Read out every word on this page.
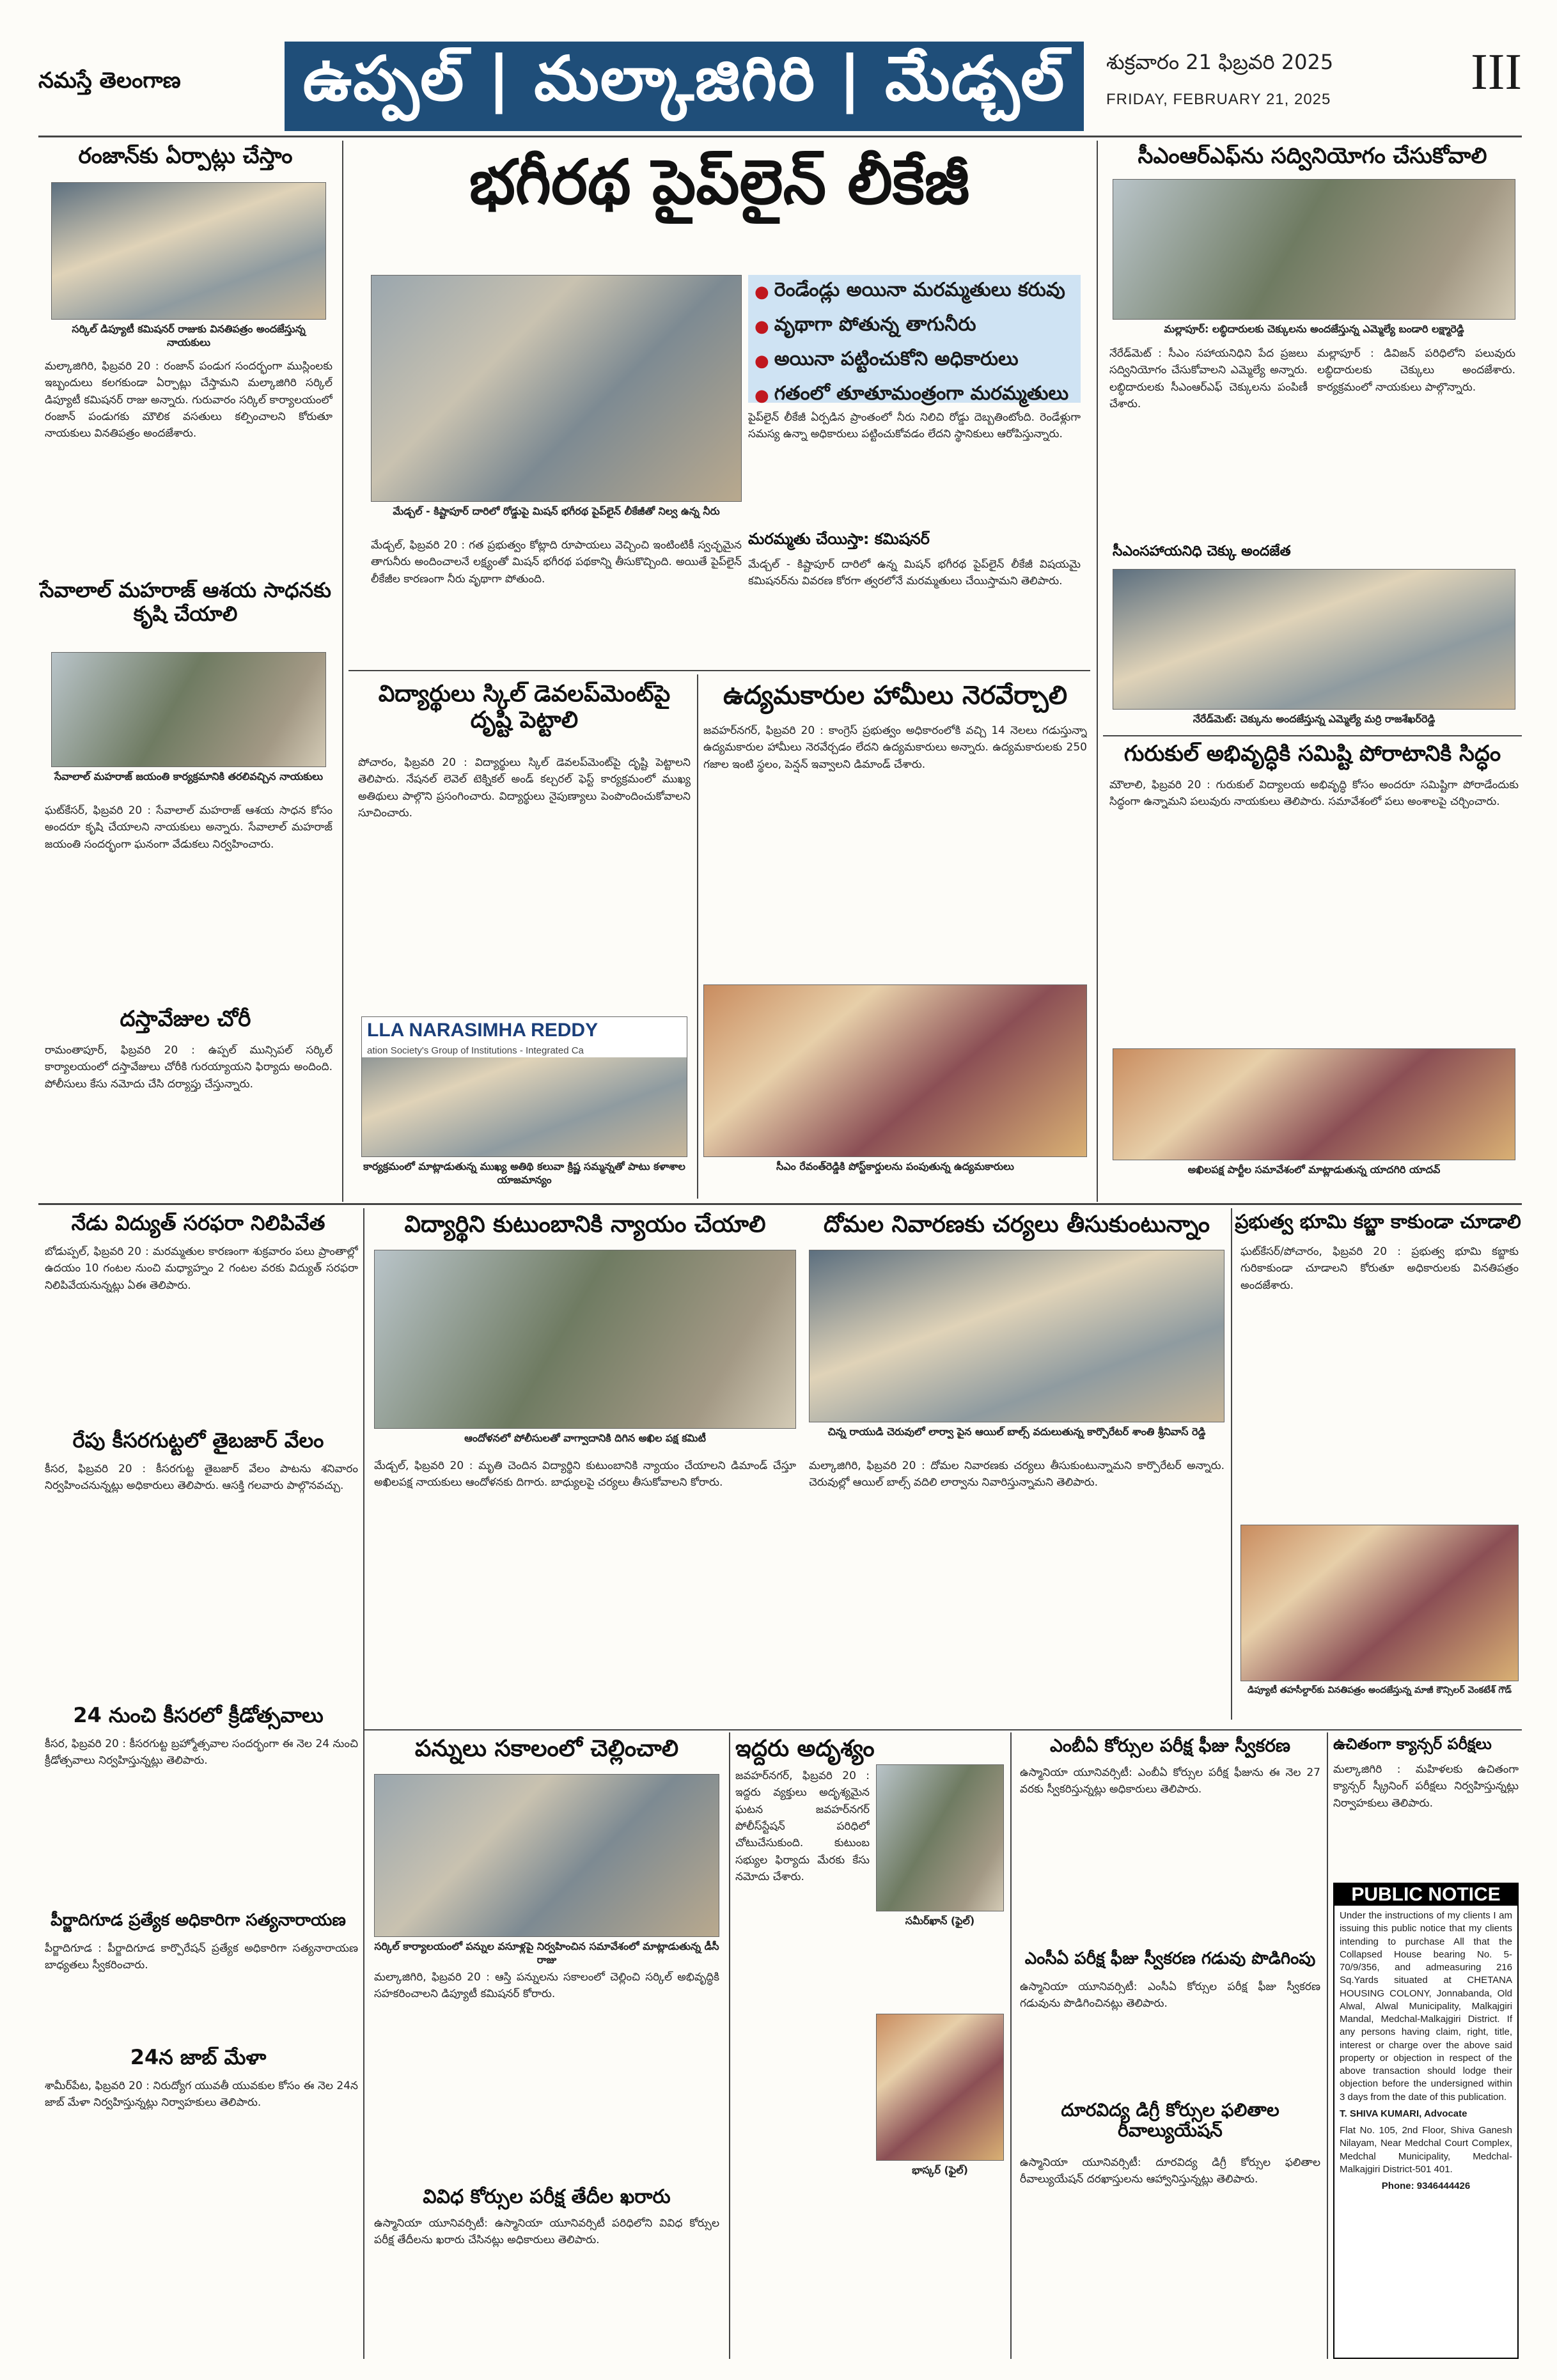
నమస్తే తెలంగాణ	ఉప్పల్ | మల్కాజిగిరి | మేడ్చల్	శుక్రవారం 21 ఫిబ్రవరి 2025
FRIDAY, FEBRUARY 21, 2025	III
రంజాన్‌కు ఏర్పాట్లు చేస్తాం
సర్కిల్ డిప్యూటీ కమిషనర్ రాజుకు వినతిపత్రం అందజేస్తున్న నాయకులు
మల్కాజిగిరి, ఫిబ్రవరి 20 : రంజాన్ పండుగ సందర్భంగా ముస్లింలకు ఇబ్బందులు కలగకుండా ఏర్పాట్లు చేస్తామని మల్కాజిగిరి సర్కిల్ డిప్యూటీ కమిషనర్ రాజు అన్నారు. గురువారం సర్కిల్ కార్యాలయంలో రంజాన్ పండుగకు మౌలిక వసతులు కల్పించాలని కోరుతూ నాయకులు వినతిపత్రం అందజేశారు.
సేవాలాల్ మహరాజ్ ఆశయ సాధనకు కృషి చేయాలి
సేవాలాల్ మహరాజ్ జయంతి కార్యక్రమానికి తరలివచ్చిన నాయకులు
ఘట్‌కేసర్, ఫిబ్రవరి 20 : సేవాలాల్ మహరాజ్ ఆశయ సాధన కోసం అందరూ కృషి చేయాలని నాయకులు అన్నారు. సేవాలాల్ మహరాజ్ జయంతి సందర్భంగా ఘనంగా వేడుకలు నిర్వహించారు.
దస్తావేజుల చోరీ
రామంతాపూర్, ఫిబ్రవరి 20 : ఉప్పల్ మున్సిపల్ సర్కిల్ కార్యాలయంలో దస్తావేజులు చోరీకి గురయ్యాయని ఫిర్యాదు అందింది. పోలీసులు కేసు నమోదు చేసి దర్యాప్తు చేస్తున్నారు.
భగీరథ పైప్‌లైన్ లీకేజీ
మేడ్చల్ - కిష్టాపూర్ దారిలో రోడ్డుపై మిషన్ భగీరథ పైప్‌లైన్ లీకేజీతో నిల్వ ఉన్న నీరు
● రెండేండ్లు అయినా మరమ్మతులు కరువు
● వృథాగా పోతున్న తాగునీరు
● అయినా పట్టించుకోని అధికారులు
● గతంలో తూతూమంత్రంగా మరమ్మతులు
పైప్‌లైన్ లీకేజీ ఏర్పడిన ప్రాంతంలో నీరు నిలిచి రోడ్డు దెబ్బతింటోంది. రెండేళ్లుగా సమస్య ఉన్నా అధికారులు పట్టించుకోవడం లేదని స్థానికులు ఆరోపిస్తున్నారు.
మేడ్చల్, ఫిబ్రవరి 20 : గత ప్రభుత్వం కోట్లాది రూపాయలు వెచ్చించి ఇంటింటికీ స్వచ్ఛమైన తాగునీరు అందించాలనే లక్ష్యంతో మిషన్ భగీరథ పథకాన్ని తీసుకొచ్చింది. అయితే పైప్‌లైన్ లీకేజీల కారణంగా నీరు వృథాగా పోతుంది.
మరమ్మతు చేయిస్తా: కమిషనర్
మేడ్చల్ - కిష్టాపూర్ దారిలో ఉన్న మిషన్ భగీరథ పైప్‌లైన్ లీకేజీ విషయమై కమిషనర్‌ను వివరణ కోరగా త్వరలోనే మరమ్మతులు చేయిస్తామని తెలిపారు.
విద్యార్థులు స్కిల్ డెవలప్‌మెంట్‌పై దృష్టి పెట్టాలి
పోచారం, ఫిబ్రవరి 20 : విద్యార్థులు స్కిల్ డెవలప్‌మెంట్‌పై దృష్టి పెట్టాలని తెలిపారు. నేషనల్ లెవెల్ టెక్నికల్ అండ్ కల్చరల్ ఫెస్ట్ కార్యక్రమంలో ముఖ్య అతిథులు పాల్గొని ప్రసంగించారు. విద్యార్థులు నైపుణ్యాలు పెంపొందించుకోవాలని సూచించారు.
LLA NARASIMHA REDDY
ation Society's Group of Institutions - Integrated Ca
కార్యక్రమంలో మాట్లాడుతున్న ముఖ్య అతిథి కలువా క్రిష్ణ సమ్మన్నతో పాటు కళాశాల యాజమాన్యం
ఉద్యమకారుల హామీలు నెరవేర్చాలి
జవహర్‌నగర్, ఫిబ్రవరి 20 : కాంగ్రెస్ ప్రభుత్వం అధికారంలోకి వచ్చి 14 నెలలు గడుస్తున్నా ఉద్యమకారుల హామీలు నెరవేర్చడం లేదని ఉద్యమకారులు అన్నారు. ఉద్యమకారులకు 250 గజాల ఇంటి స్థలం, పెన్షన్ ఇవ్వాలని డిమాండ్ చేశారు.
సీఎం రేవంత్‌రెడ్డికి పోస్ట్‌కార్డులను పంపుతున్న ఉద్యమకారులు
సీఎంఆర్‌ఎఫ్‌ను సద్వినియోగం చేసుకోవాలి
మల్లాపూర్: లబ్ధిదారులకు చెక్కులను అందజేస్తున్న ఎమ్మెల్యే బండారి లక్ష్మారెడ్డి
నేరేడ్‌మెట్ : సీఎం సహాయనిధిని పేద ప్రజలు సద్వినియోగం చేసుకోవాలని ఎమ్మెల్యే అన్నారు. లబ్ధిదారులకు సీఎంఆర్‌ఎఫ్ చెక్కులను పంపిణీ చేశారు.
మల్లాపూర్ : డివిజన్ పరిధిలోని పలువురు లబ్ధిదారులకు చెక్కులు అందజేశారు. కార్యక్రమంలో నాయకులు పాల్గొన్నారు.
సీఎంసహాయనిధి చెక్కు అందజేత
నేరేడ్‌మెట్: చెక్కును అందజేస్తున్న ఎమ్మెల్యే మర్రి రాజశేఖర్‌రెడ్డి
గురుకుల్ అభివృద్ధికి సమిష్టి పోరాటానికి సిద్ధం
మౌలాలి, ఫిబ్రవరి 20 : గురుకుల్ విద్యాలయ అభివృద్ధి కోసం అందరూ సమిష్టిగా పోరాడేందుకు సిద్ధంగా ఉన్నామని పలువురు నాయకులు తెలిపారు. సమావేశంలో పలు అంశాలపై చర్చించారు.
అఖిలపక్ష పార్టీల సమావేశంలో మాట్లాడుతున్న యాదగిరి యాదవ్
నేడు విద్యుత్ సరఫరా నిలిపివేత
బోడుప్పల్, ఫిబ్రవరి 20 : మరమ్మతుల కారణంగా శుక్రవారం పలు ప్రాంతాల్లో ఉదయం 10 గంటల నుంచి మధ్యాహ్నం 2 గంటల వరకు విద్యుత్ సరఫరా నిలిపివేయనున్నట్లు ఏఈ తెలిపారు.
రేపు కీసరగుట్టలో తైబజార్ వేలం
కీసర, ఫిబ్రవరి 20 : కీసరగుట్ట తైబజార్ వేలం పాటను శనివారం నిర్వహించనున్నట్లు అధికారులు తెలిపారు. ఆసక్తి గలవారు పాల్గొనవచ్చు.
24 నుంచి కీసరలో క్రీడోత్సవాలు
కీసర, ఫిబ్రవరి 20 : కీసరగుట్ట బ్రహ్మోత్సవాల సందర్భంగా ఈ నెల 24 నుంచి క్రీడోత్సవాలు నిర్వహిస్తున్నట్లు తెలిపారు.
పీర్జాదిగూడ ప్రత్యేక అధికారిగా సత్యనారాయణ
పీర్జాదిగూడ : పీర్జాదిగూడ కార్పొరేషన్ ప్రత్యేక అధికారిగా సత్యనారాయణ బాధ్యతలు స్వీకరించారు.
24న జాబ్ మేళా
శామీర్‌పేట, ఫిబ్రవరి 20 : నిరుద్యోగ యువతీ యువకుల కోసం ఈ నెల 24న జాబ్ మేళా నిర్వహిస్తున్నట్లు నిర్వాహకులు తెలిపారు.
విద్యార్థిని కుటుంబానికి న్యాయం చేయాలి
ఆందోళనలో పోలీసులతో వాగ్వాదానికి దిగిన అఖిల పక్ష కమిటీ
మేడ్చల్, ఫిబ్రవరి 20 : మృతి చెందిన విద్యార్థిని కుటుంబానికి న్యాయం చేయాలని డిమాండ్ చేస్తూ అఖిలపక్ష నాయకులు ఆందోళనకు దిగారు. బాధ్యులపై చర్యలు తీసుకోవాలని కోరారు.
దోమల నివారణకు చర్యలు తీసుకుంటున్నాం
చిన్న రాయుడి చెరువులో లార్వా పైన ఆయిల్ బాల్స్ వదులుతున్న కార్పొరేటర్ శాంతి శ్రీనివాస్ రెడ్డి
మల్కాజిగిరి, ఫిబ్రవరి 20 : దోమల నివారణకు చర్యలు తీసుకుంటున్నామని కార్పొరేటర్ అన్నారు. చెరువుల్లో ఆయిల్ బాల్స్ వదిలి లార్వాను నివారిస్తున్నామని తెలిపారు.
ప్రభుత్వ భూమి కబ్జా కాకుండా చూడాలి
ఘట్‌కేసర్/పోచారం, ఫిబ్రవరి 20 : ప్రభుత్వ భూమి కబ్జాకు గురికాకుండా చూడాలని కోరుతూ అధికారులకు వినతిపత్రం అందజేశారు.
డిప్యూటీ తహసీల్దార్‌కు వినతిపత్రం అందజేస్తున్న మాజీ కౌన్సిలర్ వెంకటేశ్ గౌడ్
పన్నులు సకాలంలో చెల్లించాలి
సర్కిల్ కార్యాలయంలో పన్నుల వసూళ్లపై నిర్వహించిన సమావేశంలో మాట్లాడుతున్న డీసీ రాజు
మల్కాజిగిరి, ఫిబ్రవరి 20 : ఆస్తి పన్నులను సకాలంలో చెల్లించి సర్కిల్ అభివృద్ధికి సహకరించాలని డిప్యూటీ కమిషనర్ కోరారు.
వివిధ కోర్సుల పరీక్ష తేదీల ఖరారు
ఉస్మానియా యూనివర్సిటీ: ఉస్మానియా యూనివర్సిటీ పరిధిలోని వివిధ కోర్సుల పరీక్ష తేదీలను ఖరారు చేసినట్లు అధికారులు తెలిపారు.
ఇద్దరు అదృశ్యం
సమీర్‌ఖాన్ (ఫైల్)
జవహర్‌నగర్, ఫిబ్రవరి 20 : ఇద్దరు వ్యక్తులు అదృశ్యమైన ఘటన జవహర్‌నగర్ పోలీస్‌స్టేషన్ పరిధిలో చోటుచేసుకుంది. కుటుంబ సభ్యుల ఫిర్యాదు మేరకు కేసు నమోదు చేశారు.
భాస్కర్ (ఫైల్)
ఎంబీఏ కోర్సుల పరీక్ష ఫీజు స్వీకరణ
ఉస్మానియా యూనివర్సిటీ: ఎంబీఏ కోర్సుల పరీక్ష ఫీజును ఈ నెల 27 వరకు స్వీకరిస్తున్నట్లు అధికారులు తెలిపారు.
ఎంసీఏ పరీక్ష ఫీజు స్వీకరణ గడువు పొడిగింపు
ఉస్మానియా యూనివర్సిటీ: ఎంసీఏ కోర్సుల పరీక్ష ఫీజు స్వీకరణ గడువును పొడిగించినట్లు తెలిపారు.
దూరవిద్య డిగ్రీ కోర్సుల ఫలితాల రీవాల్యుయేషన్
ఉస్మానియా యూనివర్సిటీ: దూరవిద్య డిగ్రీ కోర్సుల ఫలితాల రీవాల్యుయేషన్ దరఖాస్తులను ఆహ్వానిస్తున్నట్లు తెలిపారు.
ఉచితంగా క్యాన్సర్ పరీక్షలు
మల్కాజిగిరి : మహిళలకు ఉచితంగా క్యాన్సర్ స్క్రీనింగ్ పరీక్షలు నిర్వహిస్తున్నట్లు నిర్వాహకులు తెలిపారు.
PUBLIC NOTICE
Under the instructions of my clients I am issuing this public notice that my clients intending to purchase All that the Collapsed House bearing No. 5-70/9/356, and admeasuring 216 Sq.Yards situated at CHETANA HOUSING COLONY, Jonnabanda, Old Alwal, Alwal Municipality, Malkajgiri Mandal, Medchal-Malkajgiri District. If any persons having claim, right, title, interest or charge over the above said property or objection in respect of the above transaction should lodge their objection before the undersigned within 3 days from the date of this publication.
T. SHIVA KUMARI, Advocate
Flat No. 105, 2nd Floor, Shiva Ganesh Nilayam, Near Medchal Court Complex, Medchal Municipality, Medchal-Malkajgiri District-501 401.
Phone: 9346444426
